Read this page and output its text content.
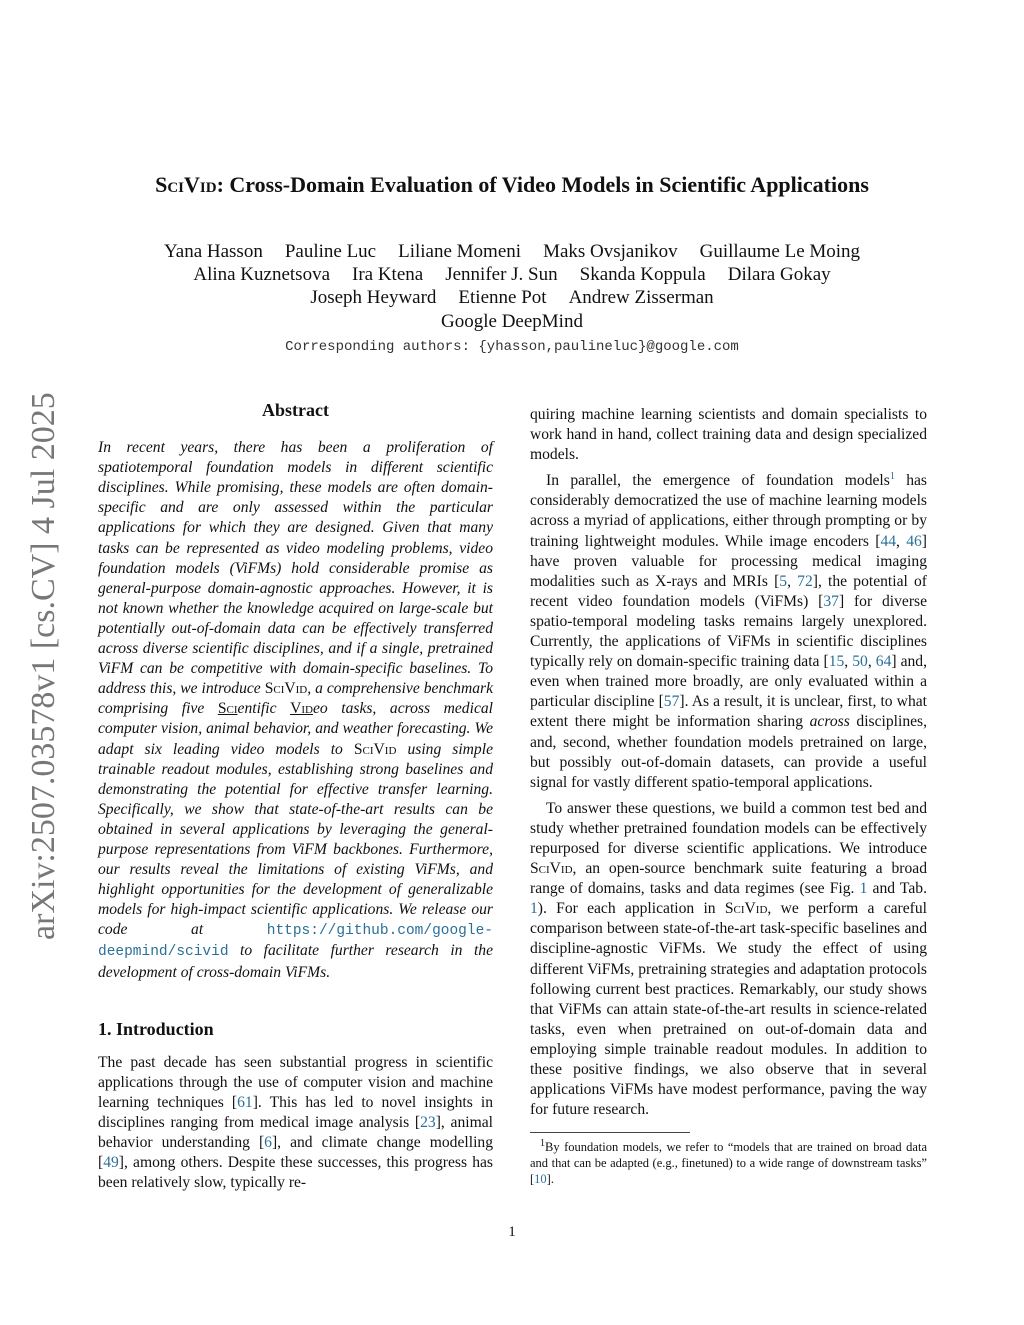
SciVid: Cross-Domain Evaluation of Video Models in Scientific Applications
Yana Hasson Pauline Luc Liliane Momeni Maks Ovsjanikov Guillaume Le Moing
Alina Kuznetsova Ira Ktena Jennifer J. Sun Skanda Koppula Dilara Gokay
Joseph Heyward Etienne Pot Andrew Zisserman
Google DeepMind
Corresponding authors: {yhasson,paulineluc}@google.com
arXiv:2507.03578v1 [cs.CV] 4 Jul 2025	Abstract

In recent years, there has been a proliferation of spatiotemporal foundation models in different scientific disciplines. While promising, these models are often domain-specific and are only assessed within the particular applications for which they are designed. Given that many tasks can be represented as video modeling problems, video foundation models (ViFMs) hold considerable promise as general-purpose domain-agnostic approaches. However, it is not known whether the knowledge acquired on large-scale but potentially out-of-domain data can be effectively transferred across diverse scientific disciplines, and if a single, pretrained ViFM can be competitive with domain-specific baselines. To address this, we introduce SciVid, a comprehensive benchmark comprising five Scientific Video tasks, across medical computer vision, animal behavior, and weather forecasting. We adapt six leading video models to SciVid using simple trainable readout modules, establishing strong baselines and demonstrating the potential for effective transfer learning. Specifically, we show that state-of-the-art results can be obtained in several applications by leveraging the general-purpose representations from ViFM backbones. Furthermore, our results reveal the limitations of existing ViFMs, and highlight opportunities for the development of generalizable models for high-impact scientific applications. We release our code at https://github.com/google-deepmind/scivid to facilitate further research in the development of cross-domain ViFMs.

1. Introduction

The past decade has seen substantial progress in scientific applications through the use of computer vision and machine learning techniques [61]. This has led to novel insights in disciplines ranging from medical image analysis [23], animal behavior understanding [6], and climate change modelling [49], among others. Despite these successes, this progress has been relatively slow, typically re-

quiring machine learning scientists and domain specialists to work hand in hand, collect training data and design specialized models.

In parallel, the emergence of foundation models$^1$ has considerably democratized the use of machine learning models across a myriad of applications, either through prompting or by training lightweight modules. While image encoders [44, 46] have proven valuable for processing medical imaging modalities such as X-rays and MRIs [5, 72], the potential of recent video foundation models (ViFMs) [37] for diverse spatio-temporal modeling tasks remains largely unexplored. Currently, the applications of ViFMs in scientific disciplines typically rely on domain-specific training data [15, 50, 64] and, even when trained more broadly, are only evaluated within a particular discipline [57]. As a result, it is unclear, first, to what extent there might be information sharing across disciplines, and, second, whether foundation models pretrained on large, but possibly out-of-domain datasets, can provide a useful signal for vastly different spatio-temporal applications.

To answer these questions, we build a common test bed and study whether pretrained foundation models can be effectively repurposed for diverse scientific applications. We introduce SciVid, an open-source benchmark suite featuring a broad range of domains, tasks and data regimes (see Fig. 1 and Tab. 1). For each application in SciVid, we perform a careful comparison between state-of-the-art task-specific baselines and discipline-agnostic ViFMs. We study the effect of using different ViFMs, pretraining strategies and adaptation protocols following current best practices. Remarkably, our study shows that ViFMs can attain state-of-the-art results in science-related tasks, even when pretrained on out-of-domain data and employing simple trainable readout modules. In addition to these positive findings, we also observe that in several applications ViFMs have modest performance, paving the way for future research.

$^1$By foundation models, we refer to “models that are trained on broad data and that can be adapted (e.g., finetuned) to a wide range of downstream tasks” [10].

1
